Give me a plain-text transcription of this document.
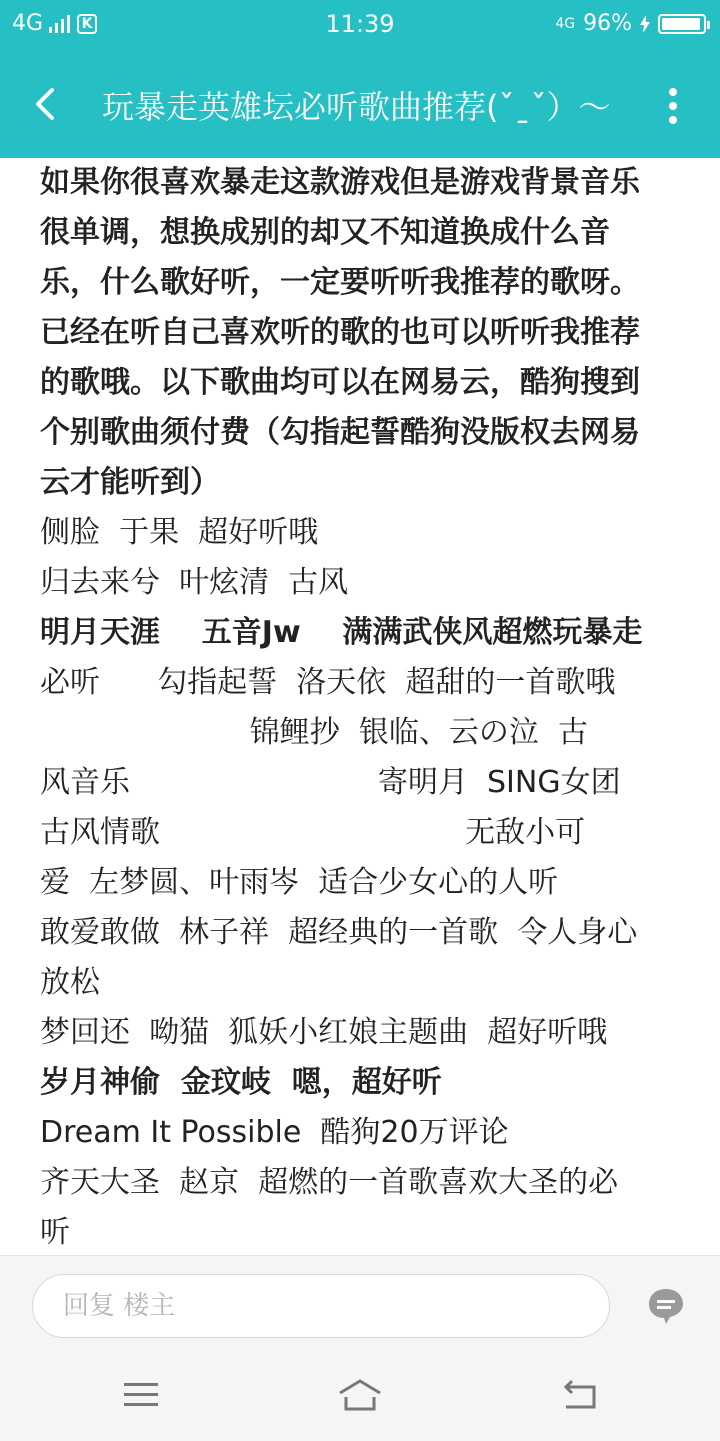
4G	K	11:39	4G 96%
玩暴走英雄坛必听歌曲推荐(ˇˍˇ）～
如果你很喜欢暴走这款游戏但是游戏背景音乐
很单调，想换成别的却又不知道换成什么音
乐，什么歌好听，一定要听听我推荐的歌呀。
已经在听自己喜欢听的歌的也可以听听我推荐
的歌哦。以下歌曲均可以在网易云，酷狗搜到
个别歌曲须付费（勾指起誓酷狗没版权去网易
云才能听到）
侧脸  于果  超好听哦
归去来兮  叶炫清  古风
明月天涯    五音Jw    满满武侠风超燃玩暴走
必听      勾指起誓  洛天依  超甜的一首歌哦
锦鲤抄  银临、云の泣  古
风音乐                          寄明月  SING女团
古风情歌                                无敌小可
爱  左梦圆、叶雨岑  适合少女心的人听
敢爱敢做  林子祥  超经典的一首歌  令人身心
放松
梦回还  呦猫  狐妖小红娘主题曲  超好听哦
岁月神偷  金玟岐  嗯，超好听
Dream It Possible  酷狗20万评论
齐天大圣  赵京  超燃的一首歌喜欢大圣的必
听
回复 楼主
